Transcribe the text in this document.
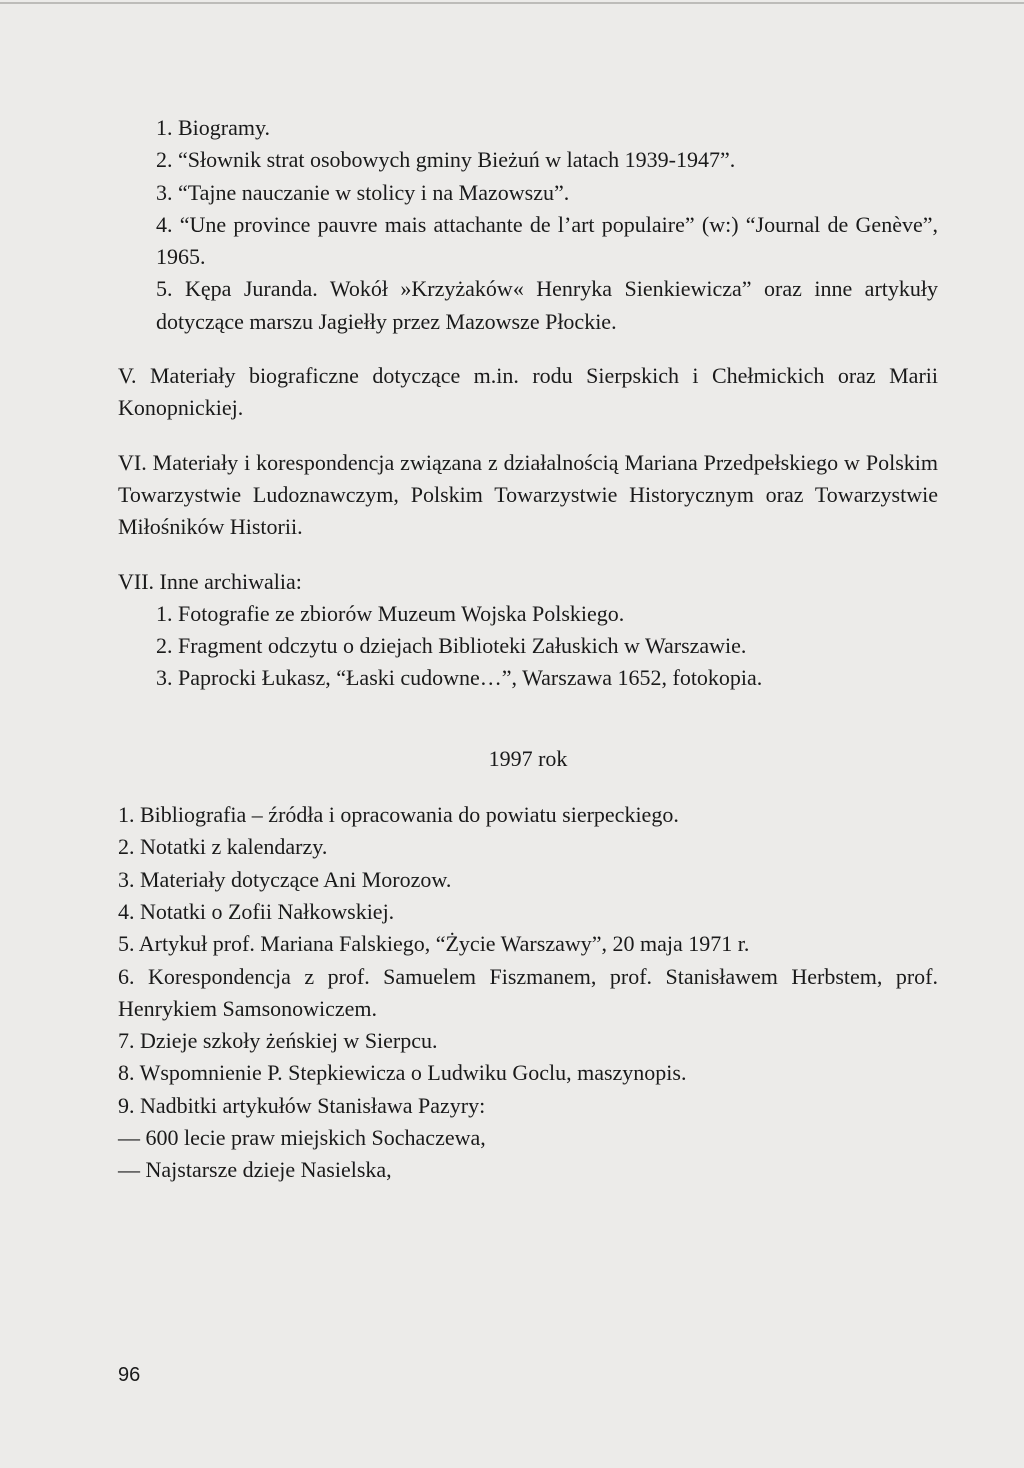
1. Biogramy.

2. “Słownik strat osobowych gminy Bieżuń w latach 1939-1947”.

3. “Tajne nauczanie w stolicy i na Mazowszu”.

4. “Une province pauvre mais attachante de l’art populaire” (w:) “Journal de Genève”, 1965.

5. Kępa Juranda. Wokół »Krzyżaków« Henryka Sienkiewicza” oraz inne artykuły dotyczące marszu Jagiełły przez Mazowsze Płockie.

V. Materiały biograficzne dotyczące m.in. rodu Sierpskich i Chełmickich oraz Marii Konopnickiej.

VI. Materiały i korespondencja związana z działalnością Mariana Przedpełskiego w Polskim Towarzystwie Ludoznawczym, Polskim Towarzystwie Historycznym oraz Towarzystwie Miłośników Historii.

VII. Inne archiwalia:

1. Fotografie ze zbiorów Muzeum Wojska Polskiego.

2. Fragment odczytu o dziejach Biblioteki Załuskich w Warszawie.

3. Paprocki Łukasz, “Łaski cudowne…”, Warszawa 1652, fotokopia.

1997 rok

1. Bibliografia – źródła i opracowania do powiatu sierpeckiego.

2. Notatki z kalendarzy.

3. Materiały dotyczące Ani Morozow.

4. Notatki o Zofii Nałkowskiej.

5. Artykuł prof. Mariana Falskiego, “Życie Warszawy”, 20 maja 1971 r.

6. Korespondencja z prof. Samuelem Fiszmanem, prof. Stanisławem Herbstem, prof. Henrykiem Samsonowiczem.

7. Dzieje szkoły żeńskiej w Sierpcu.

8. Wspomnienie P. Stepkiewicza o Ludwiku Goclu, maszynopis.

9. Nadbitki artykułów Stanisława Pazyry:

— 600 lecie praw miejskich Sochaczewa,

— Najstarsze dzieje Nasielska,

96
